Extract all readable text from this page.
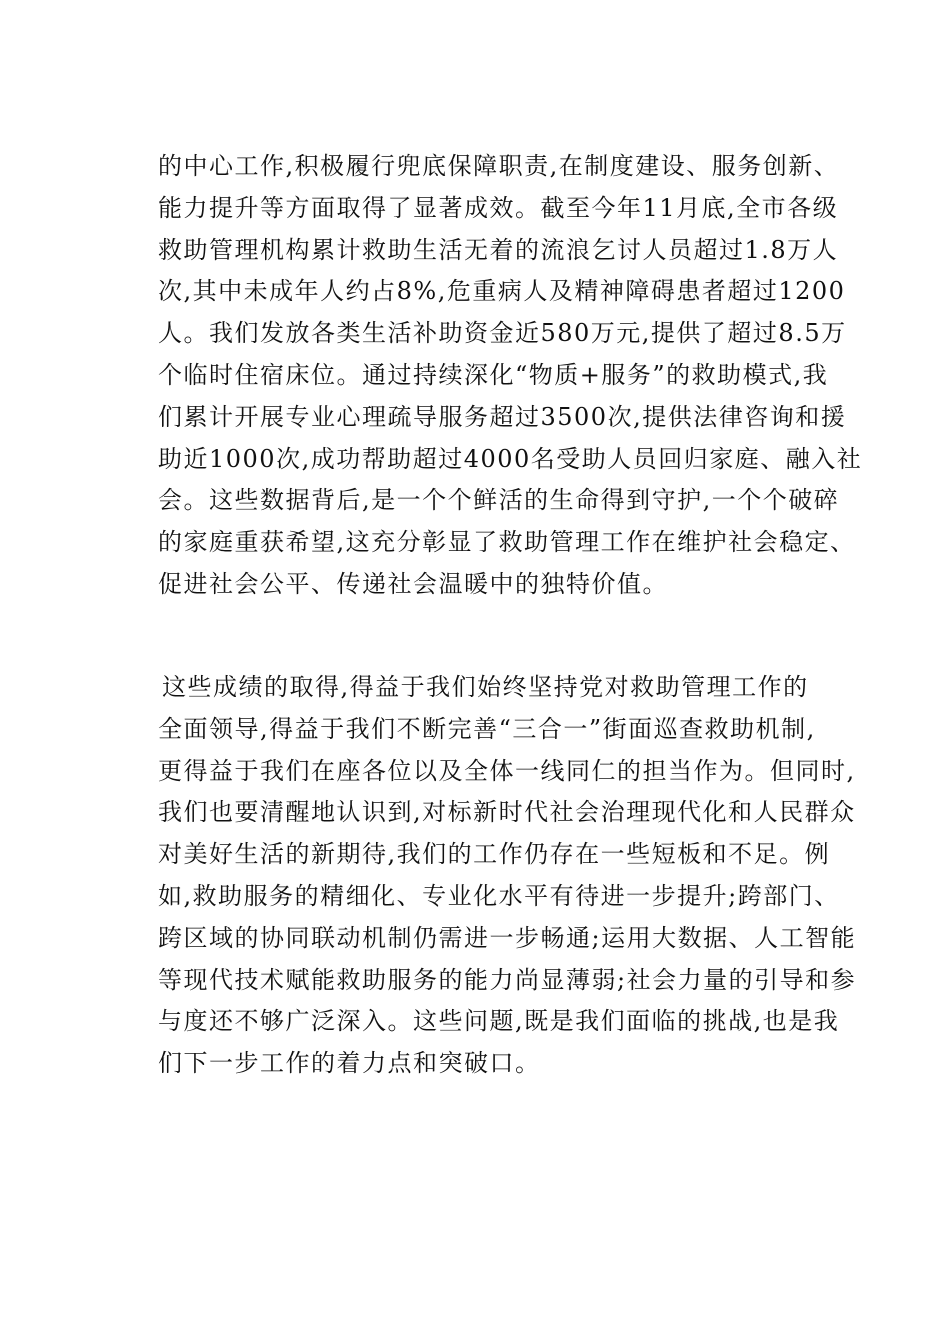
的中心工作,积极履行兜底保障职责,在制度建设、服务创新、
能力提升等方面取得了显著成效。截至今年11月底,全市各级
救助管理机构累计救助生活无着的流浪乞讨人员超过1.8万人
次,其中未成年人约占8%,危重病人及精神障碍患者超过1200
人。我们发放各类生活补助资金近580万元,提供了超过8.5万
个临时住宿床位。通过持续深化“物质+服务”的救助模式,我
们累计开展专业心理疏导服务超过3500次,提供法律咨询和援
助近1000次,成功帮助超过4000名受助人员回归家庭、融入社
会。这些数据背后,是一个个鲜活的生命得到守护,一个个破碎
的家庭重获希望,这充分彰显了救助管理工作在维护社会稳定、
促进社会公平、传递社会温暖中的独特价值。
这些成绩的取得,得益于我们始终坚持党对救助管理工作的
全面领导,得益于我们不断完善“三合一”街面巡查救助机制,
更得益于我们在座各位以及全体一线同仁的担当作为。但同时,
我们也要清醒地认识到,对标新时代社会治理现代化和人民群众
对美好生活的新期待,我们的工作仍存在一些短板和不足。例
如,救助服务的精细化、专业化水平有待进一步提升;跨部门、
跨区域的协同联动机制仍需进一步畅通;运用大数据、人工智能
等现代技术赋能救助服务的能力尚显薄弱;社会力量的引导和参
与度还不够广泛深入。这些问题,既是我们面临的挑战,也是我
们下一步工作的着力点和突破口。
